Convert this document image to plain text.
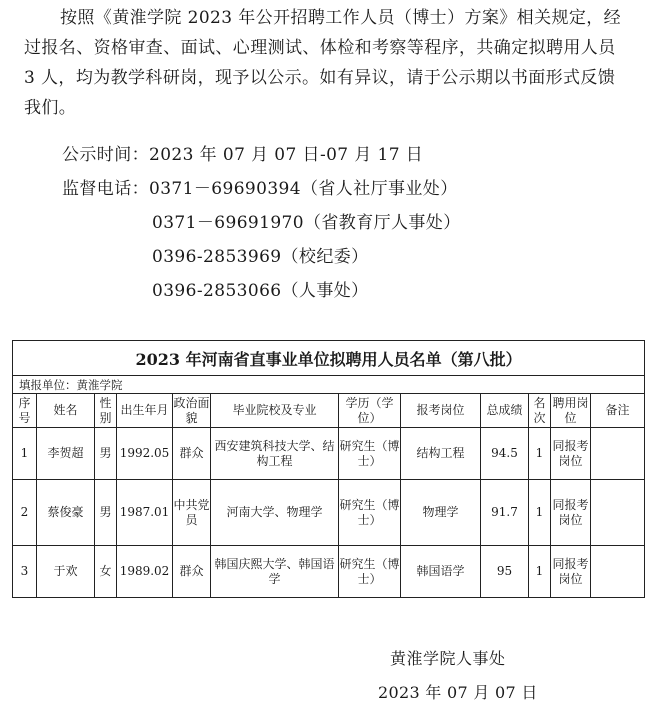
按照《黄淮学院 2023 年公开招聘工作人员（博士）方案》相关规定，经过报名、资格审查、面试、心理测试、体检和考察等程序，共确定拟聘用人员 3 人，均为教学科研岗，现予以公示。如有异议，请于公示期以书面形式反馈我们。

公示时间：2023 年 07 月 07 日-07 月 17 日
监督电话：0371－69690394（省人社厅事业处）
0371－69691970（省教育厅人事处）
0396-2853969（校纪委）
0396-2853066（人事处）
2023 年河南省直事业单位拟聘用人员名单（第八批）											
填报单位：黄淮学院											
序号	姓名	性别	出生年月	政治面貌	毕业院校及专业	学历（学位）	报考岗位	总成绩	名次	聘用岗位	备注
1	李贺超	男	1992.05	群众	西安建筑科技大学、结构工程	研究生（博士）	结构工程	94.5	1	同报考岗位	
2	蔡俊豪	男	1987.01	中共党员	河南大学、物理学	研究生（博士）	物理学	91.7	1	同报考岗位	
3	于欢	女	1989.02	群众	韩国庆熙大学、韩国语学	研究生（博士）	韩国语学	95	1	同报考岗位	
黄淮学院人事处
2023 年 07 月 07 日
